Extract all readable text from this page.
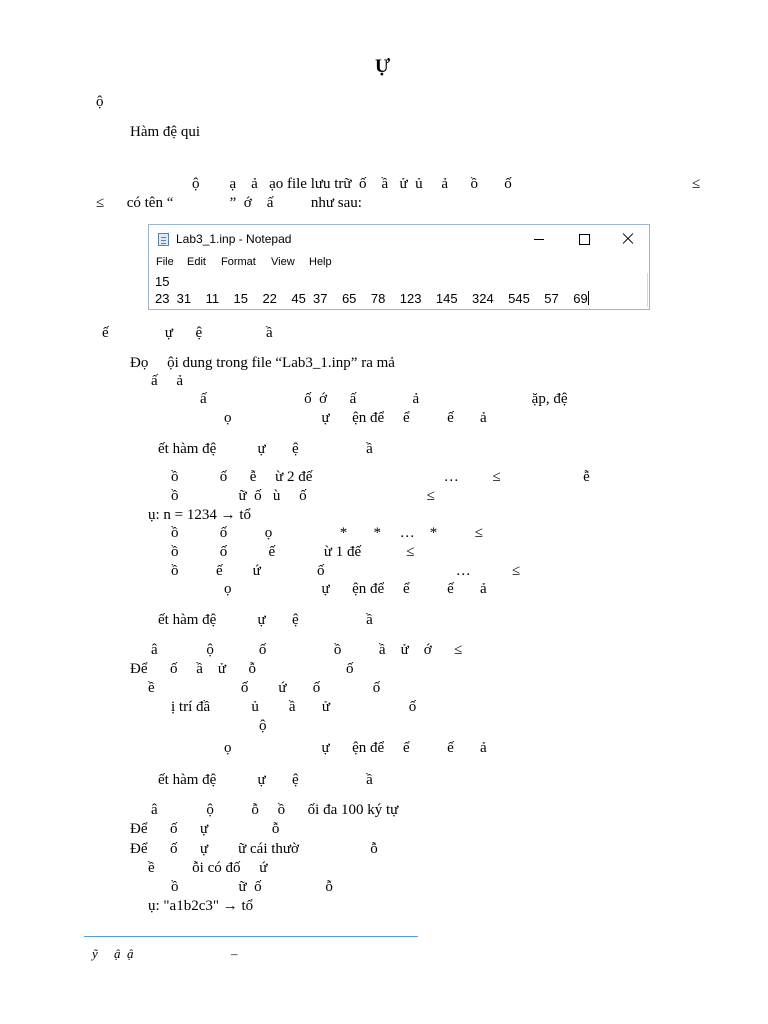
Ự
ộ
Hàm đệ qui
ộ        ạ    ả   ạo file lưu trữ  ố    ầ   ử  ủ     ả      ồ       ố	≤
≤      có tên “               ”  ớ    ấ          như sau:
ế               ự      ệ                 ầ
Đọ     ội dung trong file “Lab3_1.inp” ra mả
ấ     ả
ấ                          ố  ớ      ấ               ả                              ặp, đệ
ọ                        ự      ện để     ể          ế       ả
ết hàm đệ           ự       ệ                  ầ
ồ           ố      ễ     ừ 2 đế                                   …         ≤                      ễ
ồ                ữ  ố   ù     ố                                ≤
ụ: n = 1234 → tổ
ồ           ố          ọ                  *       *     …    *          ≤
ồ           ố           ế             ừ 1 đế            ≤
ồ          ế        ứ               ố                                   …           ≤
ọ                        ự      ện để     ể          ế       ả
ết hàm đệ           ự       ệ                  ầ
â             ộ            ố                  ồ          ầ    ử    ớ      ≤
Để      ố     ầ    ử      ỗ                        ố
ề                       ố        ứ       ố              ố
ị trí đầ           ủ        ầ       ử                     ố
ộ
ọ                        ự      ện để     ể          ế       ả
ết hàm đệ           ự       ệ                  ầ
â             ộ          ỗ     ồ      ối đa 100 ký tự
Để      ố      ự                 ỗ
Để      ố      ự        ữ cái thườ                   ỗ
ề          ỗi có đố     ứ
ồ                ữ  ố                 ỗ
ụ: "a1b2c3" → tổ
Lab3_1.inp - Notepad
File Edit Format View Help
15
23  31    11    15    22    45  37    65    78    123    145    324    545    57    69
ỹ     ậ  ậ                              –
